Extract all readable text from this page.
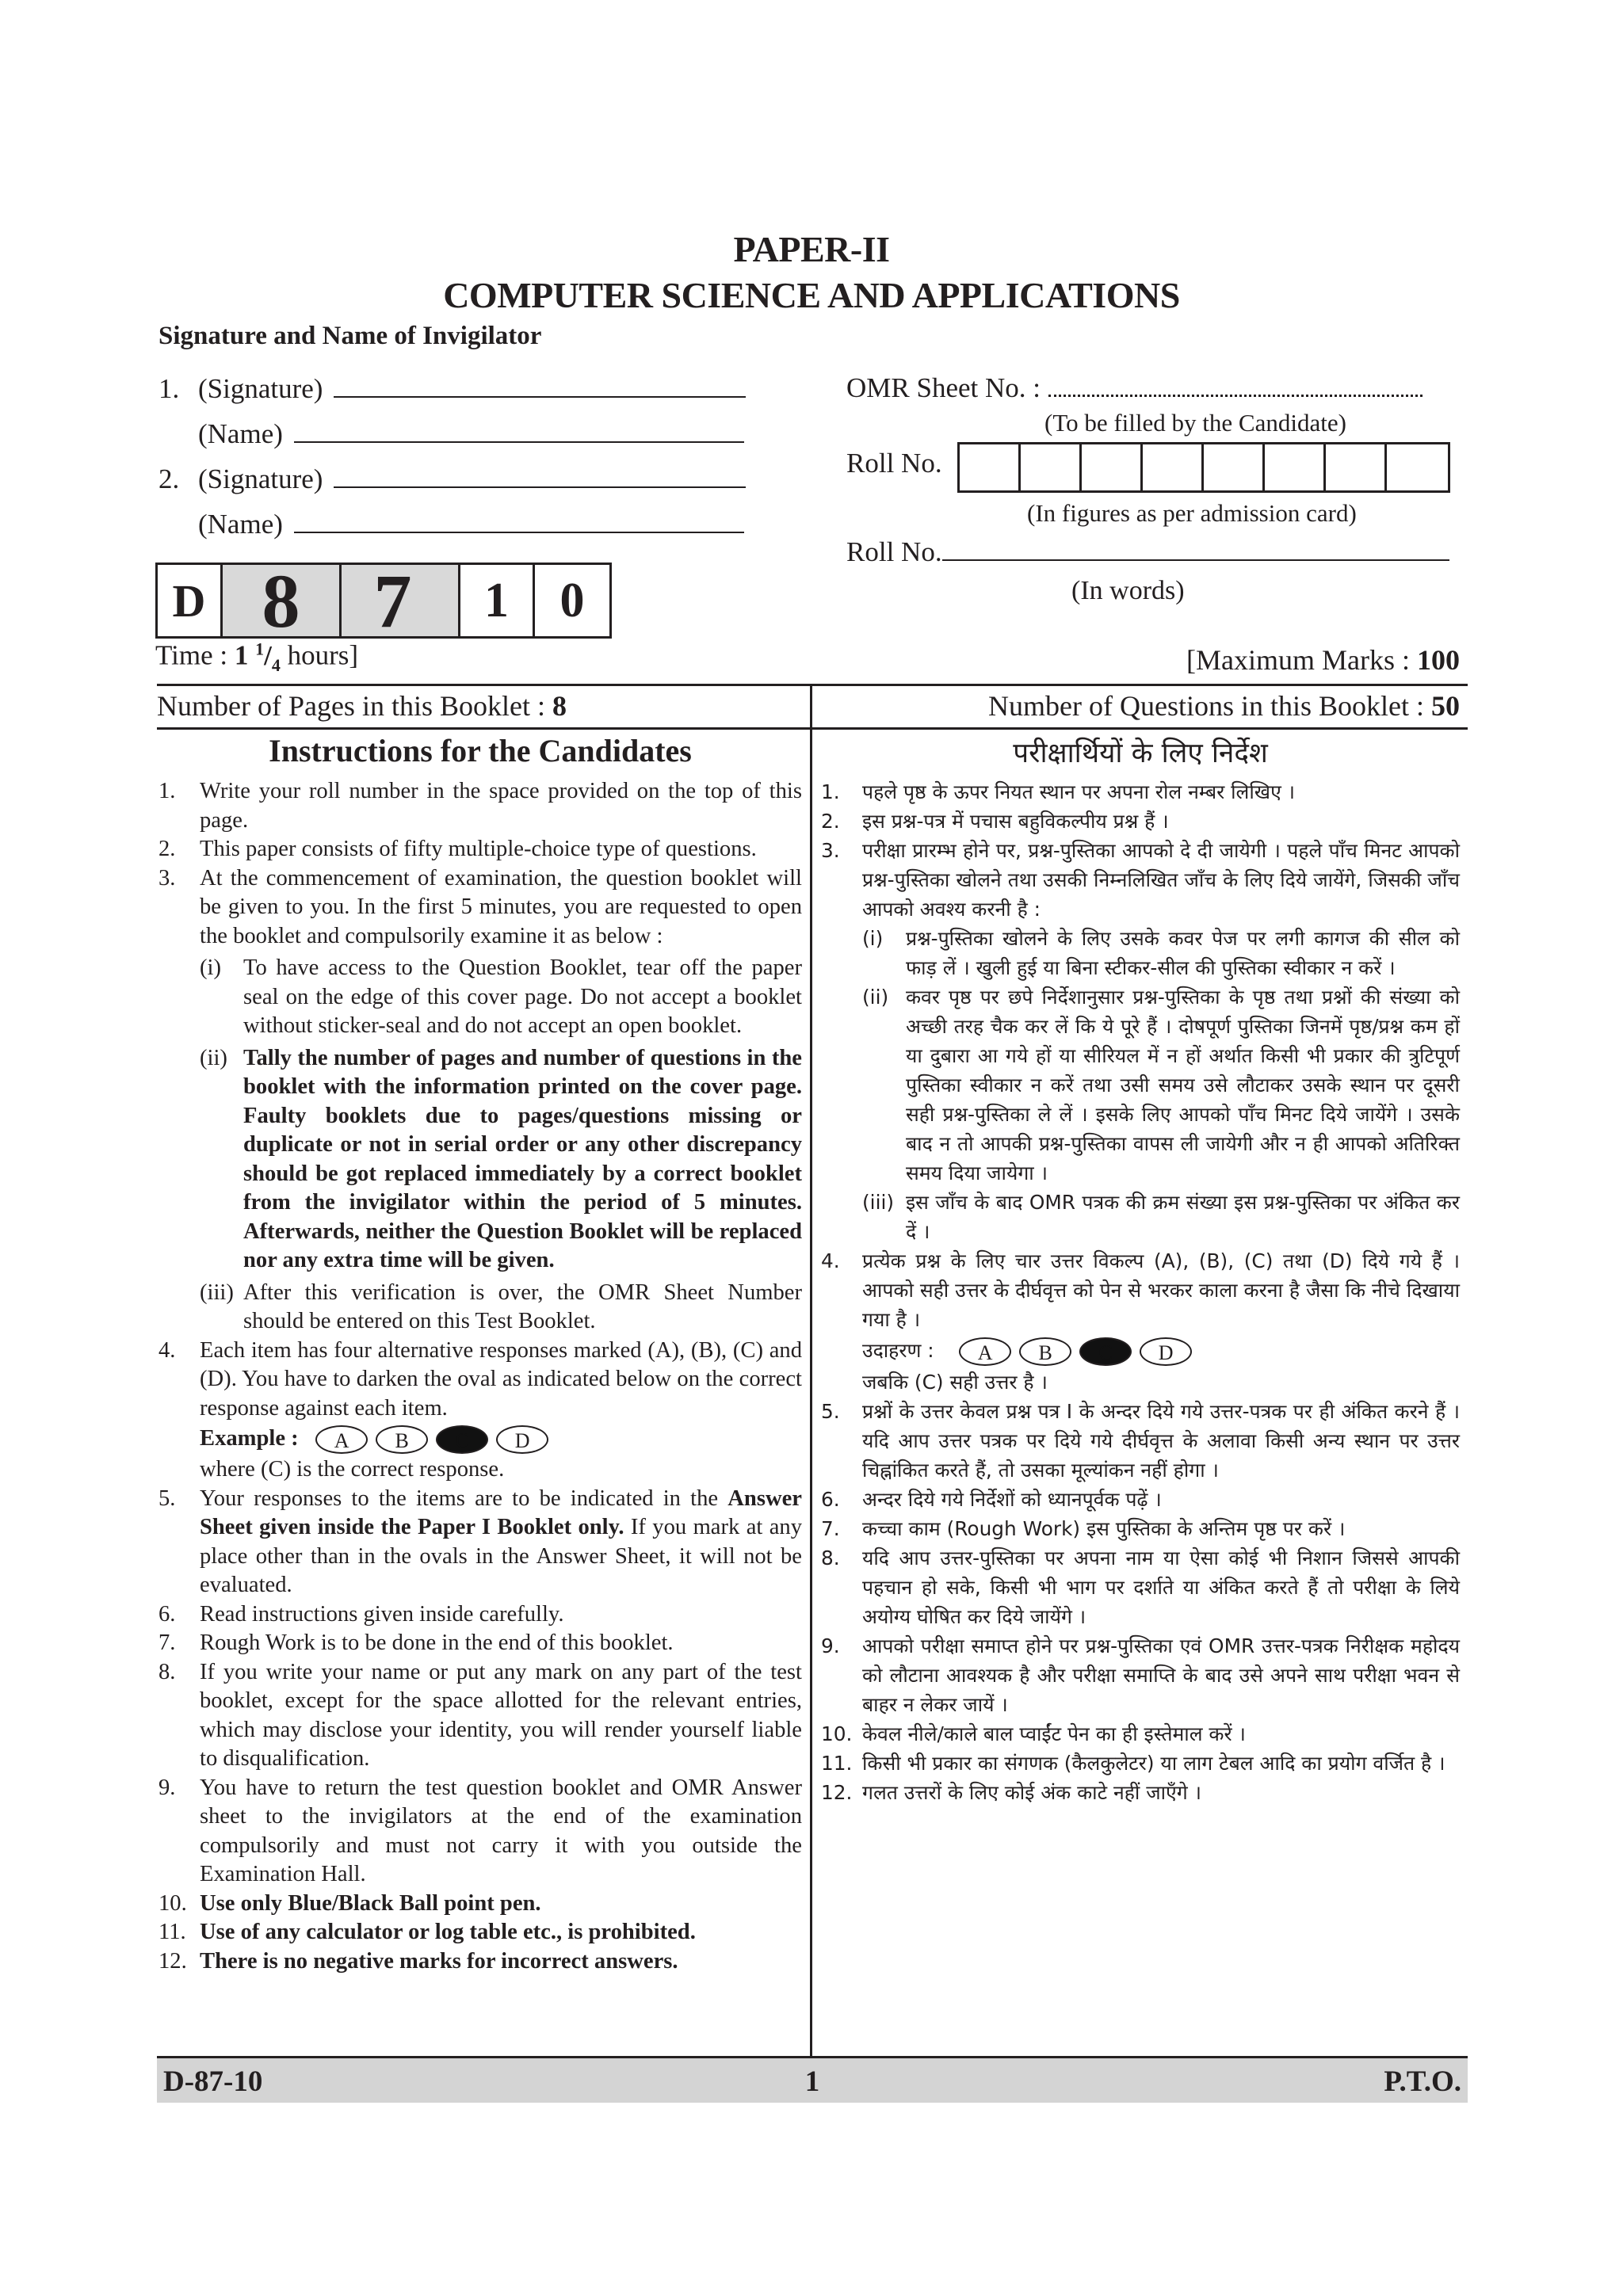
PAPER-II
COMPUTER SCIENCE AND APPLICATIONS
Signature and Name of Invigilator
1. (Signature)
(Name)
2. (Signature)
(Name)
OMR Sheet No. :
(To be filled by the Candidate)
Roll No.
(In figures as per admission card)
Roll No.
(In words)
D 8 7	1	0
Time : 1 $^1/_4$ hours]	[Maximum Marks : 100
Number of Pages in this Booklet : 8	Number of Questions in this Booklet : 50
Instructions for the Candidates
1. Write your roll number in the space provided on the top of this page.
2. This paper consists of fifty multiple-choice type of questions.
3. At the commencement of examination, the question booklet will be given to you. In the first 5 minutes, you are requested to open the booklet and compulsorily examine it as below :
(i) To have access to the Question Booklet, tear off the paper seal on the edge of this cover page. Do not accept a booklet without sticker-seal and do not accept an open booklet.
(ii) Tally the number of pages and number of questions in the booklet with the information printed on the cover page. Faulty booklets due to pages/questions missing or duplicate or not in serial order or any other discrepancy should be got replaced immediately by a correct booklet from the invigilator within the period of 5 minutes. Afterwards, neither the Question Booklet will be replaced nor any extra time will be given.
(iii) After this verification is over, the OMR Sheet Number should be entered on this Test Booklet.
4. Each item has four alternative responses marked (A), (B), (C) and (D). You have to darken the oval as indicated below on the correct response against each item.
Example : A B C D
where (C) is the correct response.
5. Your responses to the items are to be indicated in the Answer Sheet given inside the Paper I Booklet only. If you mark at any place other than in the ovals in the Answer Sheet, it will not be evaluated.
6. Read instructions given inside carefully.
7. Rough Work is to be done in the end of this booklet.
8. If you write your name or put any mark on any part of the test booklet, except for the space allotted for the relevant entries, which may disclose your identity, you will render yourself liable to disqualification.
9. You have to return the test question booklet and OMR Answer sheet to the invigilators at the end of the examination compulsorily and must not carry it with you outside the Examination Hall.
10. Use only Blue/Black Ball point pen.
11. Use of any calculator or log table etc., is prohibited.
12. There is no negative marks for incorrect answers.
परीक्षार्थियों के लिए निर्देश
1. पहले पृष्ठ के ऊपर नियत स्थान पर अपना रोल नम्बर लिखिए ।
2. इस प्रश्न-पत्र में पचास बहुविकल्पीय प्रश्न हैं ।
3. परीक्षा प्रारम्भ होने पर, प्रश्न-पुस्तिका आपको दे दी जायेगी । पहले पाँच मिनट आपको प्रश्न-पुस्तिका खोलने तथा उसकी निम्नलिखित जाँच के लिए दिये जायेंगे, जिसकी जाँच आपको अवश्य करनी है :
(i) प्रश्न-पुस्तिका खोलने के लिए उसके कवर पेज पर लगी कागज की सील को फाड़ लें । खुली हुई या बिना स्टीकर-सील की पुस्तिका स्वीकार न करें ।
(ii) कवर पृष्ठ पर छपे निर्देशानुसार प्रश्न-पुस्तिका के पृष्ठ तथा प्रश्नों की संख्या को अच्छी तरह चैक कर लें कि ये पूरे हैं । दोषपूर्ण पुस्तिका जिनमें पृष्ठ/प्रश्न कम हों या दुबारा आ गये हों या सीरियल में न हों अर्थात किसी भी प्रकार की त्रुटिपूर्ण पुस्तिका स्वीकार न करें तथा उसी समय उसे लौटाकर उसके स्थान पर दूसरी सही प्रश्न-पुस्तिका ले लें । इसके लिए आपको पाँच मिनट दिये जायेंगे । उसके बाद न तो आपकी प्रश्न-पुस्तिका वापस ली जायेगी और न ही आपको अतिरिक्त समय दिया जायेगा ।
(iii) इस जाँच के बाद OMR पत्रक की क्रम संख्या इस प्रश्न-पुस्तिका पर अंकित कर दें ।
4. प्रत्येक प्रश्न के लिए चार उत्तर विकल्प (A), (B), (C) तथा (D) दिये गये हैं । आपको सही उत्तर के दीर्घवृत्त को पेन से भरकर काला करना है जैसा कि नीचे दिखाया गया है ।
उदाहरण : A B C D
जबकि (C) सही उत्तर है ।
5. प्रश्नों के उत्तर केवल प्रश्न पत्र I के अन्दर दिये गये उत्तर-पत्रक पर ही अंकित करने हैं । यदि आप उत्तर पत्रक पर दिये गये दीर्घवृत्त के अलावा किसी अन्य स्थान पर उत्तर चिह्नांकित करते हैं, तो उसका मूल्यांकन नहीं होगा ।
6. अन्दर दिये गये निर्देशों को ध्यानपूर्वक पढ़ें ।
7. कच्चा काम (Rough Work) इस पुस्तिका के अन्तिम पृष्ठ पर करें ।
8. यदि आप उत्तर-पुस्तिका पर अपना नाम या ऐसा कोई भी निशान जिससे आपकी पहचान हो सके, किसी भी भाग पर दर्शाते या अंकित करते हैं तो परीक्षा के लिये अयोग्य घोषित कर दिये जायेंगे ।
9. आपको परीक्षा समाप्त होने पर प्रश्न-पुस्तिका एवं OMR उत्तर-पत्रक निरीक्षक महोदय को लौटाना आवश्यक है और परीक्षा समाप्ति के बाद उसे अपने साथ परीक्षा भवन से बाहर न लेकर जायें ।
10. केवल नीले/काले बाल प्वाईंट पेन का ही इस्तेमाल करें ।
11. किसी भी प्रकार का संगणक (कैलकुलेटर) या लाग टेबल आदि का प्रयोग वर्जित है ।
12. गलत उत्तरों के लिए कोई अंक काटे नहीं जाएँगे ।
D-87-10	1	P.T.O.
